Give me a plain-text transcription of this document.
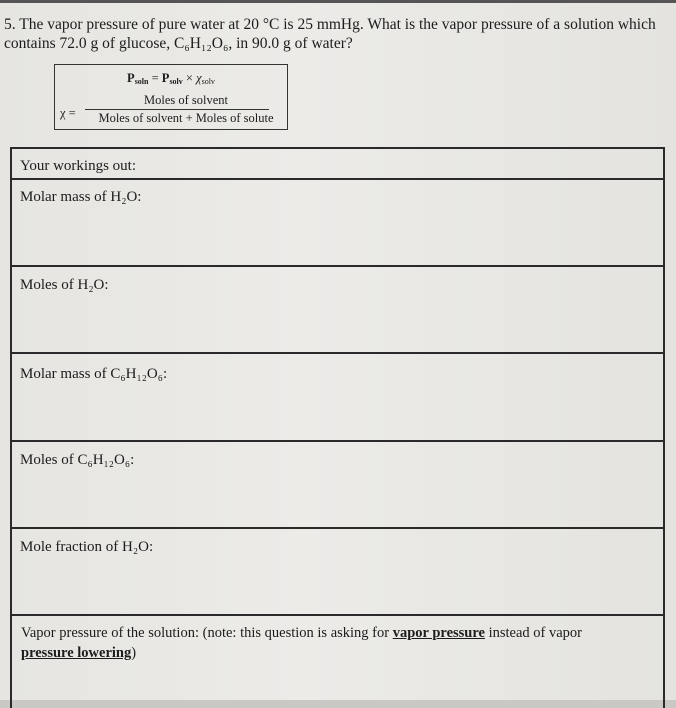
5. The vapor pressure of pure water at 20 °C is 25 mmHg. What is the vapor pressure of a solution which
contains 72.0 g of glucose, C₆H₁₂O₆, in 90.0 g of water?
$P_{soln} = P_{solv} \times \chi_{solv}$
χ =
Moles of solvent
Moles of solvent + Moles of solute
Your workings out:
Molar mass of H₂O:
Moles of H₂O:
Molar mass of C₆H₁₂O₆:
Moles of C₆H₁₂O₆:
Mole fraction of H₂O:
Vapor pressure of the solution: (note: this question is asking for vapor pressure instead of vapor pressure lowering)
